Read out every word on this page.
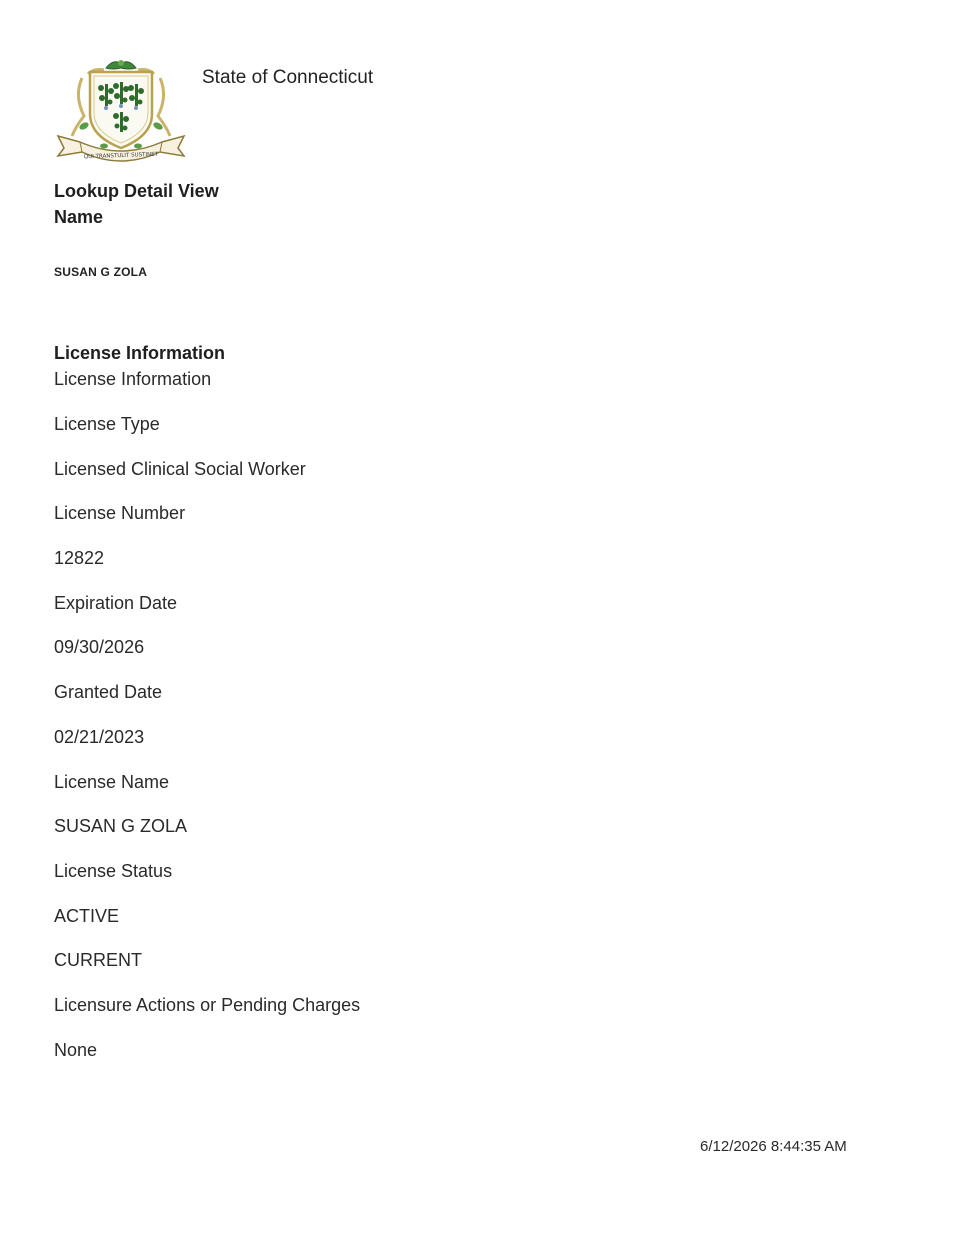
QUI TRANSTULIT SUSTINET
State of Connecticut
Lookup Detail View
Name
SUSAN G ZOLA
License Information
License Information
License Type
Licensed Clinical Social Worker
License Number
12822
Expiration Date
09/30/2026
Granted Date
02/21/2023
License Name
SUSAN G ZOLA
License Status
ACTIVE
CURRENT
Licensure Actions or Pending Charges
None
6/12/2026 8:44:35 AM
